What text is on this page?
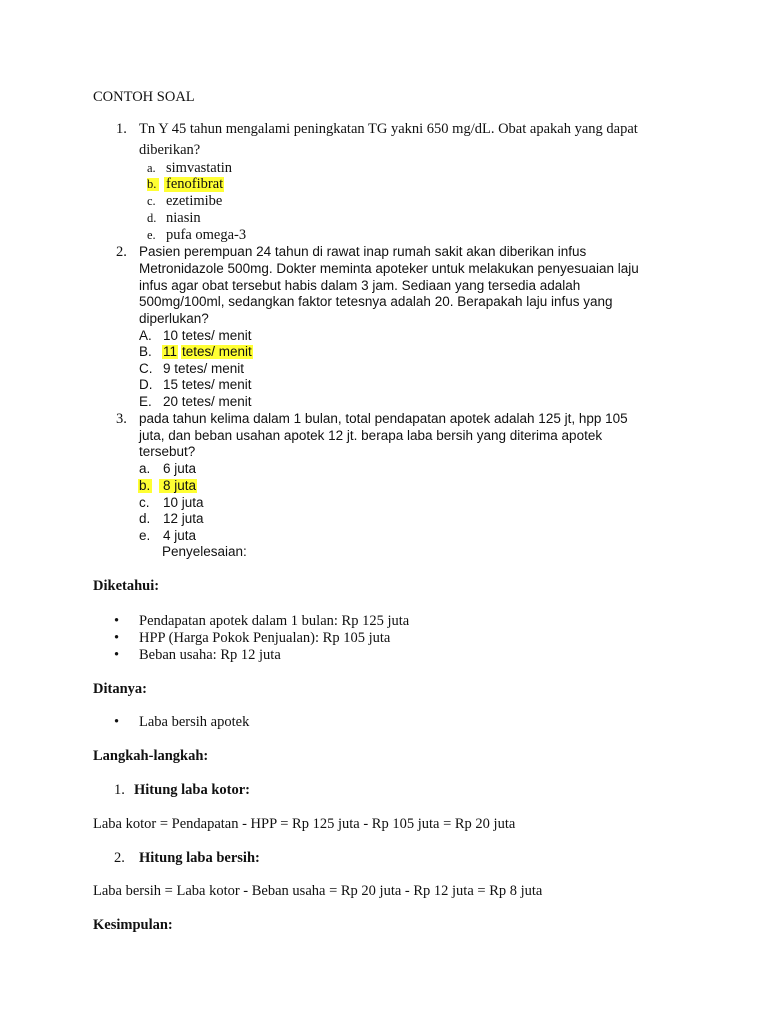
CONTOH SOAL
1. Tn Y 45 tahun mengalami peningkatan TG yakni 650 mg/dL. Obat apakah yang dapat
diberikan?
a. simvastatin
b. fenofibrat
c. ezetimibe
d. niasin
e. pufa omega-3
2. Pasien perempuan 24 tahun di rawat inap rumah sakit akan diberikan infus
Metronidazole 500mg. Dokter meminta apoteker untuk melakukan penyesuaian laju
infus agar obat tersebut habis dalam 3 jam. Sediaan yang tersedia adalah
500mg/100ml, sedangkan faktor tetesnya adalah 20. Berapakah laju infus yang
diperlukan?
A. 10 tetes/ menit
B. 11 tetes/ menit
C. 9 tetes/ menit
D. 15 tetes/ menit
E. 20 tetes/ menit
3. pada tahun kelima dalam 1 bulan, total pendapatan apotek adalah 125 jt, hpp 105
juta, dan beban usahan apotek 12 jt. berapa laba bersih yang diterima apotek
tersebut?
a. 6 juta
b. 8 juta
c. 10 juta
d. 12 juta
e. 4 juta
Penyelesaian:
Diketahui:
• Pendapatan apotek dalam 1 bulan: Rp 125 juta
• HPP (Harga Pokok Penjualan): Rp 105 juta
• Beban usaha: Rp 12 juta
Ditanya:
• Laba bersih apotek
Langkah-langkah:
1. Hitung laba kotor:
Laba kotor = Pendapatan - HPP = Rp 125 juta - Rp 105 juta = Rp 20 juta
2. Hitung laba bersih:
Laba bersih = Laba kotor - Beban usaha = Rp 20 juta - Rp 12 juta = Rp 8 juta
Kesimpulan:
